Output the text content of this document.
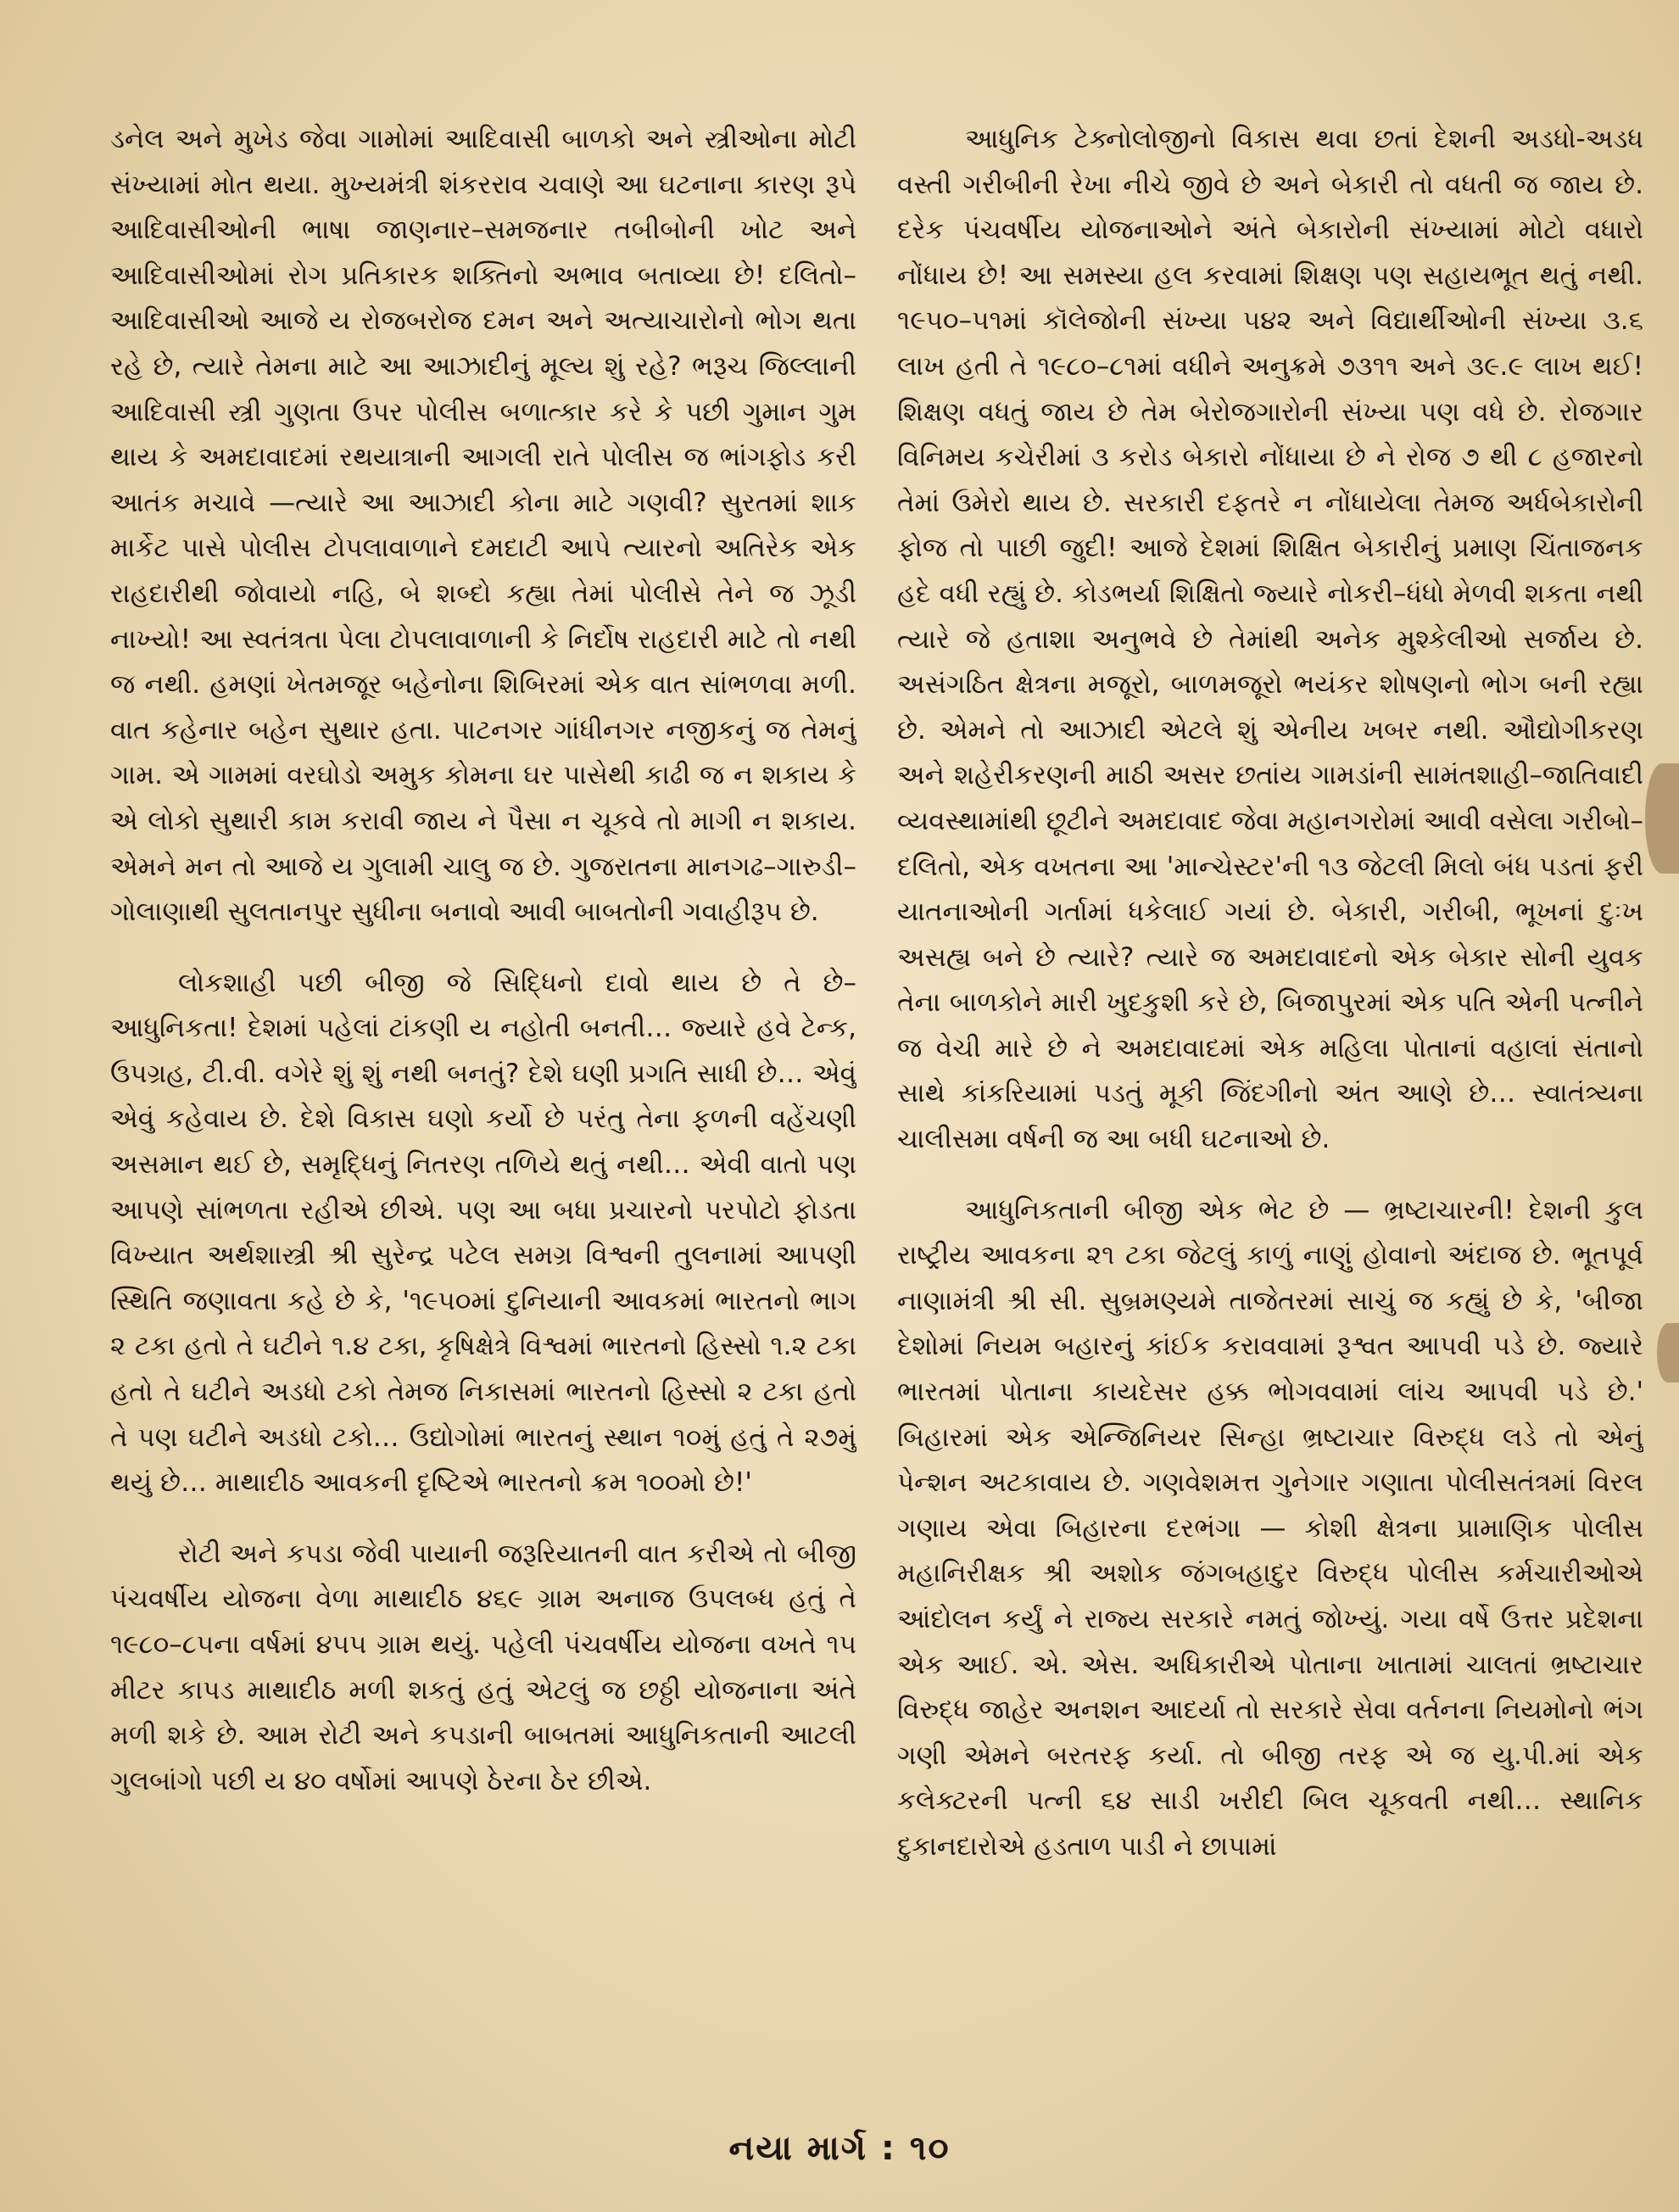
ડનેલ અને મુખેડ જેવા ગામોમાં આદિવાસી બાળકો અને સ્ત્રીઓના મોટી સંખ્યામાં મોત થયા. મુખ્યમંત્રી શંકરરાવ ચવાણે આ ઘટનાના કારણ રૂપે આદિવાસીઓની ભાષા જાણનાર–સમજનાર તબીબોની ખોટ અને આદિવાસીઓમાં રોગ પ્રતિકારક શક્તિનો અભાવ બતાવ્યા છે! દલિતો–આદિવાસીઓ આજે ય રોજબરોજ દમન અને અત્યાચારોનો ભોગ થતા રહે છે, ત્યારે તેમના માટે આ આઝાદીનું મૂલ્ય શું રહે? ભરૂચ જિલ્લાની આદિવાસી સ્ત્રી ગુણતા ઉપર પોલીસ બળાત્કાર કરે કે પછી ગુમાન ગુમ થાય કે અમદાવાદમાં રથયાત્રાની આગલી રાતે પોલીસ જ ભાંગફોડ કરી આતંક મચાવે —ત્યારે આ આઝાદી કોના માટે ગણવી? સુરતમાં શાક માર્કેટ પાસે પોલીસ ટોપલાવાળાને દમદાટી આપે ત્યારનો અતિરેક એક રાહદારીથી જોવાયો નહિ, બે શબ્દો કહ્યા તેમાં પોલીસે તેને જ ઝૂડી નાખ્યો! આ સ્વતંત્રતા પેલા ટોપલાવાળાની કે નિર્દોષ રાહદારી માટે તો નથી જ નથી. હમણાં ખેતમજૂર બહેનોના શિબિરમાં એક વાત સાંભળવા મળી. વાત કહેનાર બહેન સુથાર હતા. પાટનગર ગાંધીનગર નજીકનું જ તેમનું ગામ. એ ગામમાં વરઘોડો અમુક કોમના ઘર પાસેથી કાઢી જ ન શકાય કે એ લોકો સુથારી કામ કરાવી જાય ને પૈસા ન ચૂકવે તો માગી ન શકાય. એમને મન તો આજે ય ગુલામી ચાલુ જ છે. ગુજરાતના માનગઢ–ગારુડી–ગોલાણાથી સુલતાનપુર સુધીના બનાવો આવી બાબતોની ગવાહીરૂપ છે.

લોકશાહી પછી બીજી જે સિદ્ધિનો દાવો થાય છે તે છે– આધુનિકતા! દેશમાં પહેલાં ટાંકણી ય નહોતી બનતી… જ્યારે હવે ટેન્ક, ઉપગ્રહ, ટી.વી. વગેરે શું શું નથી બનતું? દેશે ઘણી પ્રગતિ સાધી છે… એવું એવું કહેવાય છે. દેશે વિકાસ ઘણો કર્યો છે પરંતુ તેના ફળની વહેંચણી અસમાન થઈ છે, સમૃદ્ધિનું નિતરણ તળિયે થતું નથી… એવી વાતો પણ આપણે સાંભળતા રહીએ છીએ. પણ આ બધા પ્રચારનો પરપોટો ફોડતા વિખ્યાત અર્થશાસ્ત્રી શ્રી સુરેન્દ્ર પટેલ સમગ્ર વિશ્વની તુલનામાં આપણી સ્થિતિ જણાવતા કહે છે કે, '૧૯૫૦માં દુનિયાની આવકમાં ભારતનો ભાગ ૨ ટકા હતો તે ઘટીને ૧.૪ ટકા, કૃષિક્ષેત્રે વિશ્વમાં ભારતનો હિસ્સો ૧.૨ ટકા હતો તે ઘટીને અડધો ટકો તેમજ નિકાસમાં ભારતનો હિસ્સો ૨ ટકા હતો તે પણ ઘટીને અડધો ટકો… ઉદ્યોગોમાં ભારતનું સ્થાન ૧૦મું હતું તે ૨૭મું થયું છે… માથાદીઠ આવકની દૃષ્ટિએ ભારતનો ક્રમ ૧૦૦મો છે!'

રોટી અને કપડા જેવી પાયાની જરૂરિયાતની વાત કરીએ તો બીજી પંચવર્ષીય યોજના વેળા માથાદીઠ ૪૬૯ ગ્રામ અનાજ ઉપલબ્ધ હતું તે ૧૯૮૦–૮૫ના વર્ષમાં ૪૫૫ ગ્રામ થયું. પહેલી પંચવર્ષીય યોજના વખતે ૧૫ મીટર કાપડ માથાદીઠ મળી શકતું હતું એટલું જ છઠ્ઠી યોજનાના અંતે મળી શકે છે. આમ રોટી અને કપડાની બાબતમાં આધુનિકતાની આટલી ગુલબાંગો પછી ય ૪૦ વર્ષોમાં આપણે ઠેરના ઠેર છીએ.

આધુનિક ટેક્નોલોજીનો વિકાસ થવા છતાં દેશની અડધો-અડધ વસ્તી ગરીબીની રેખા નીચે જીવે છે અને બેકારી તો વધતી જ જાય છે. દરેક પંચવર્ષીય યોજનાઓને અંતે બેકારોની સંખ્યામાં મોટો વધારો નોંધાય છે! આ સમસ્યા હલ કરવામાં શિક્ષણ પણ સહાયભૂત થતું નથી. ૧૯૫૦–૫૧માં કૉલેજોની સંખ્યા ૫૪૨ અને વિદ્યાર્થીઓની સંખ્યા ૩.૬ લાખ હતી તે ૧૯૮૦–૮૧માં વધીને અનુક્રમે ૭૩૧૧ અને ૩૯.૯ લાખ થઈ! શિક્ષણ વધતું જાય છે તેમ બેરોજગારોની સંખ્યા પણ વધે છે. રોજગાર વિનિમય કચેરીમાં ૩ કરોડ બેકારો નોંધાયા છે ને રોજ ૭ થી ૮ હજારનો તેમાં ઉમેરો થાય છે. સરકારી દફતરે ન નોંધાયેલા તેમજ અર્ધબેકારોની ફોજ તો પાછી જુદી! આજે દેશમાં શિક્ષિત બેકારીનું પ્રમાણ ચિંતાજનક હદે વધી રહ્યું છે. કોડભર્યા શિક્ષિતો જ્યારે નોકરી–ધંધો મેળવી શકતા નથી ત્યારે જે હતાશા અનુભવે છે તેમાંથી અનેક મુશ્કેલીઓ સર્જાય છે. અસંગઠિત ક્ષેત્રના મજૂરો, બાળમજૂરો ભયંકર શોષણનો ભોગ બની રહ્યા છે. એમને તો આઝાદી એટલે શું એનીય ખબર નથી. ઔદ્યોગીકરણ અને શહેરીકરણની માઠી અસર છતાંય ગામડાંની સામંતશાહી–જાતિવાદી વ્યવસ્થામાંથી છૂટીને અમદાવાદ જેવા મહાનગરોમાં આવી વસેલા ગરીબો–દલિતો, એક વખતના આ 'માન્ચેસ્ટર'ની ૧૩ જેટલી મિલો બંધ પડતાં ફરી યાતનાઓની ગર્તામાં ધકેલાઈ ગયાં છે. બેકારી, ગરીબી, ભૂખનાં દુઃખ અસહ્ય બને છે ત્યારે? ત્યારે જ અમદાવાદનો એક બેકાર સોની યુવક તેના બાળકોને મારી ખુદકુશી કરે છે, બિજાપુરમાં એક પતિ એની પત્નીને જ વેચી મારે છે ને અમદાવાદમાં એક મહિલા પોતાનાં વહાલાં સંતાનો સાથે કાંકરિયામાં પડતું મૂકી જિંદગીનો અંત આણે છે… સ્વાતંત્ર્યના ચાલીસમા વર્ષની જ આ બધી ઘટનાઓ છે.

આધુનિકતાની બીજી એક ભેટ છે — ભ્રષ્ટાચારની! દેશની કુલ રાષ્ટ્રીય આવકના ૨૧ ટકા જેટલું કાળું નાણું હોવાનો અંદાજ છે. ભૂતપૂર્વ નાણામંત્રી શ્રી સી. સુબ્રમણ્યમે તાજેતરમાં સાચું જ કહ્યું છે કે, 'બીજા દેશોમાં નિયમ બહારનું કાંઈક કરાવવામાં રૂશ્વત આપવી પડે છે. જ્યારે ભારતમાં પોતાના કાયદેસર હક્ક ભોગવવામાં લાંચ આપવી પડે છે.' બિહારમાં એક એન્જિનિયર સિન્હા ભ્રષ્ટાચાર વિરુદ્ધ લડે તો એનું પેન્શન અટકાવાય છે. ગણવેશમત્ત ગુનેગાર ગણાતા પોલીસતંત્રમાં વિરલ ગણાય એવા બિહારના દરભંગા — કોશી ક્ષેત્રના પ્રામાણિક પોલીસ મહાનિરીક્ષક શ્રી અશોક જંગબહાદુર વિરુદ્ધ પોલીસ કર્મચારીઓએ આંદોલન કર્યું ને રાજ્ય સરકારે નમતું જોખ્યું. ગયા વર્ષે ઉત્તર પ્રદેશના એક આઈ. એ. એસ. અધિકારીએ પોતાના ખાતામાં ચાલતાં ભ્રષ્ટાચાર વિરુદ્ધ જાહેર અનશન આદર્યા તો સરકારે સેવા વર્તનના નિયમોનો ભંગ ગણી એમને બરતરફ કર્યા. તો બીજી તરફ એ જ યુ.પી.માં એક કલેક્ટરની પત્ની ૬૪ સાડી ખરીદી બિલ ચૂકવતી નથી… સ્થાનિક દુકાનદારોએ હડતાળ પાડી ને છાપામાં

નયા માર્ગ : ૧૦
